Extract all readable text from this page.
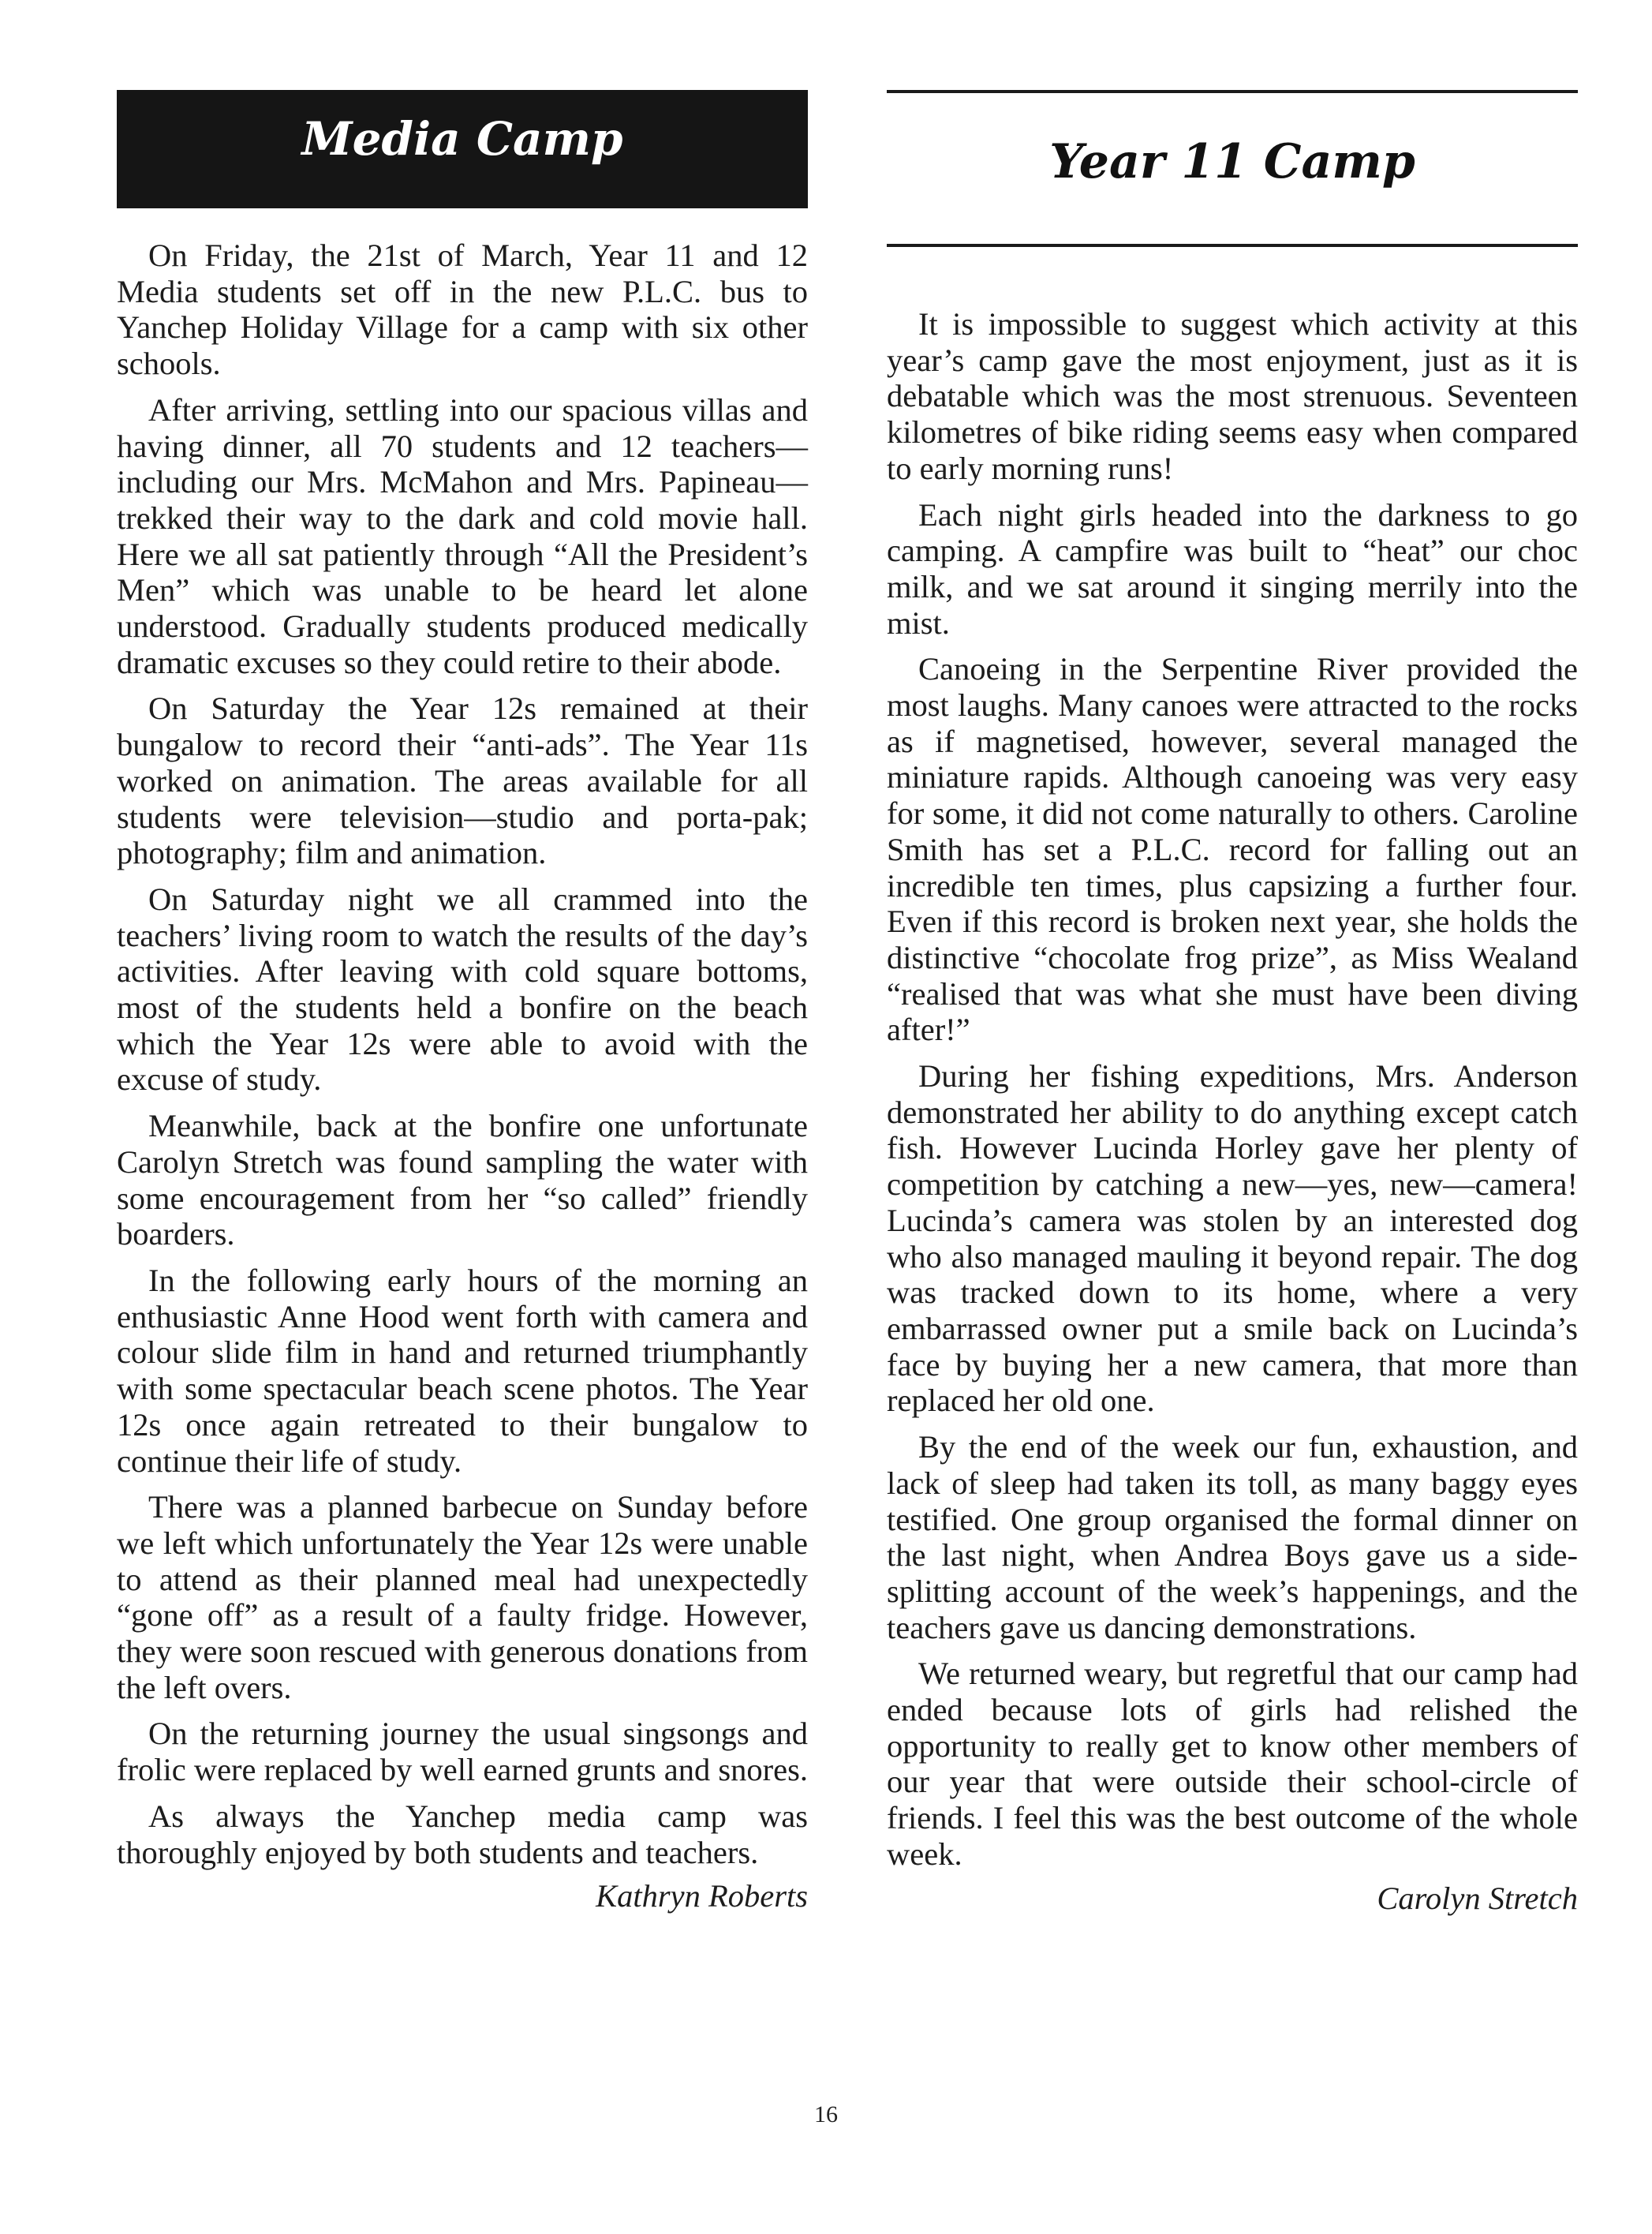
Media Camp

On Friday, the 21st of March, Year 11 and 12 Media students set off in the new P.L.C. bus to Yanchep Holiday Village for a camp with six other schools.

After arriving, settling into our spacious villas and having dinner, all 70 students and 12 teachers—including our Mrs. McMahon and Mrs. Papineau—trekked their way to the dark and cold movie hall. Here we all sat patiently through “All the President’s Men” which was unable to be heard let alone understood. Gradually students produced medically dramatic excuses so they could retire to their abode.

On Saturday the Year 12s remained at their bungalow to record their “anti-ads”. The Year 11s worked on animation. The areas available for all students were television—studio and porta-pak; photography; film and animation.

On Saturday night we all crammed into the teachers’ living room to watch the results of the day’s activities. After leaving with cold square bottoms, most of the students held a bonfire on the beach which the Year 12s were able to avoid with the excuse of study.

Meanwhile, back at the bonfire one unfortunate Carolyn Stretch was found sampling the water with some encouragement from her “so called” friendly boarders.

In the following early hours of the morning an enthusiastic Anne Hood went forth with camera and colour slide film in hand and returned triumphantly with some spectacular beach scene photos. The Year 12s once again retreated to their bungalow to continue their life of study.

There was a planned barbecue on Sunday before we left which unfortunately the Year 12s were unable to attend as their planned meal had unexpectedly “gone off” as a result of a faulty fridge. However, they were soon rescued with generous donations from the left overs.

On the returning journey the usual singsongs and frolic were replaced by well earned grunts and snores.

As always the Yanchep media camp was thoroughly enjoyed by both students and teachers.

Kathryn Roberts
Year 11 Camp

It is impossible to suggest which activity at this year’s camp gave the most enjoyment, just as it is debatable which was the most strenuous. Seventeen kilometres of bike riding seems easy when compared to early morning runs!

Each night girls headed into the darkness to go camping. A campfire was built to “heat” our choc milk, and we sat around it singing merrily into the mist.

Canoeing in the Serpentine River provided the most laughs. Many canoes were attracted to the rocks as if magnetised, however, several managed the miniature rapids. Although canoeing was very easy for some, it did not come naturally to others. Caroline Smith has set a P.L.C. record for falling out an incredible ten times, plus capsizing a further four. Even if this record is broken next year, she holds the distinctive “chocolate frog prize”, as Miss Wealand “realised that was what she must have been diving after!”

During her fishing expeditions, Mrs. Anderson demonstrated her ability to do anything except catch fish. However Lucinda Horley gave her plenty of competition by catching a new—yes, new—camera! Lucinda’s camera was stolen by an interested dog who also managed mauling it beyond repair. The dog was tracked down to its home, where a very embarrassed owner put a smile back on Lucinda’s face by buying her a new camera, that more than replaced her old one.

By the end of the week our fun, exhaustion, and lack of sleep had taken its toll, as many baggy eyes testified. One group organised the formal dinner on the last night, when Andrea Boys gave us a side-splitting account of the week’s happenings, and the teachers gave us dancing demonstrations.

We returned weary, but regretful that our camp had ended because lots of girls had relished the opportunity to really get to know other members of our year that were outside their school-circle of friends. I feel this was the best outcome of the whole week.

Carolyn Stretch
16
